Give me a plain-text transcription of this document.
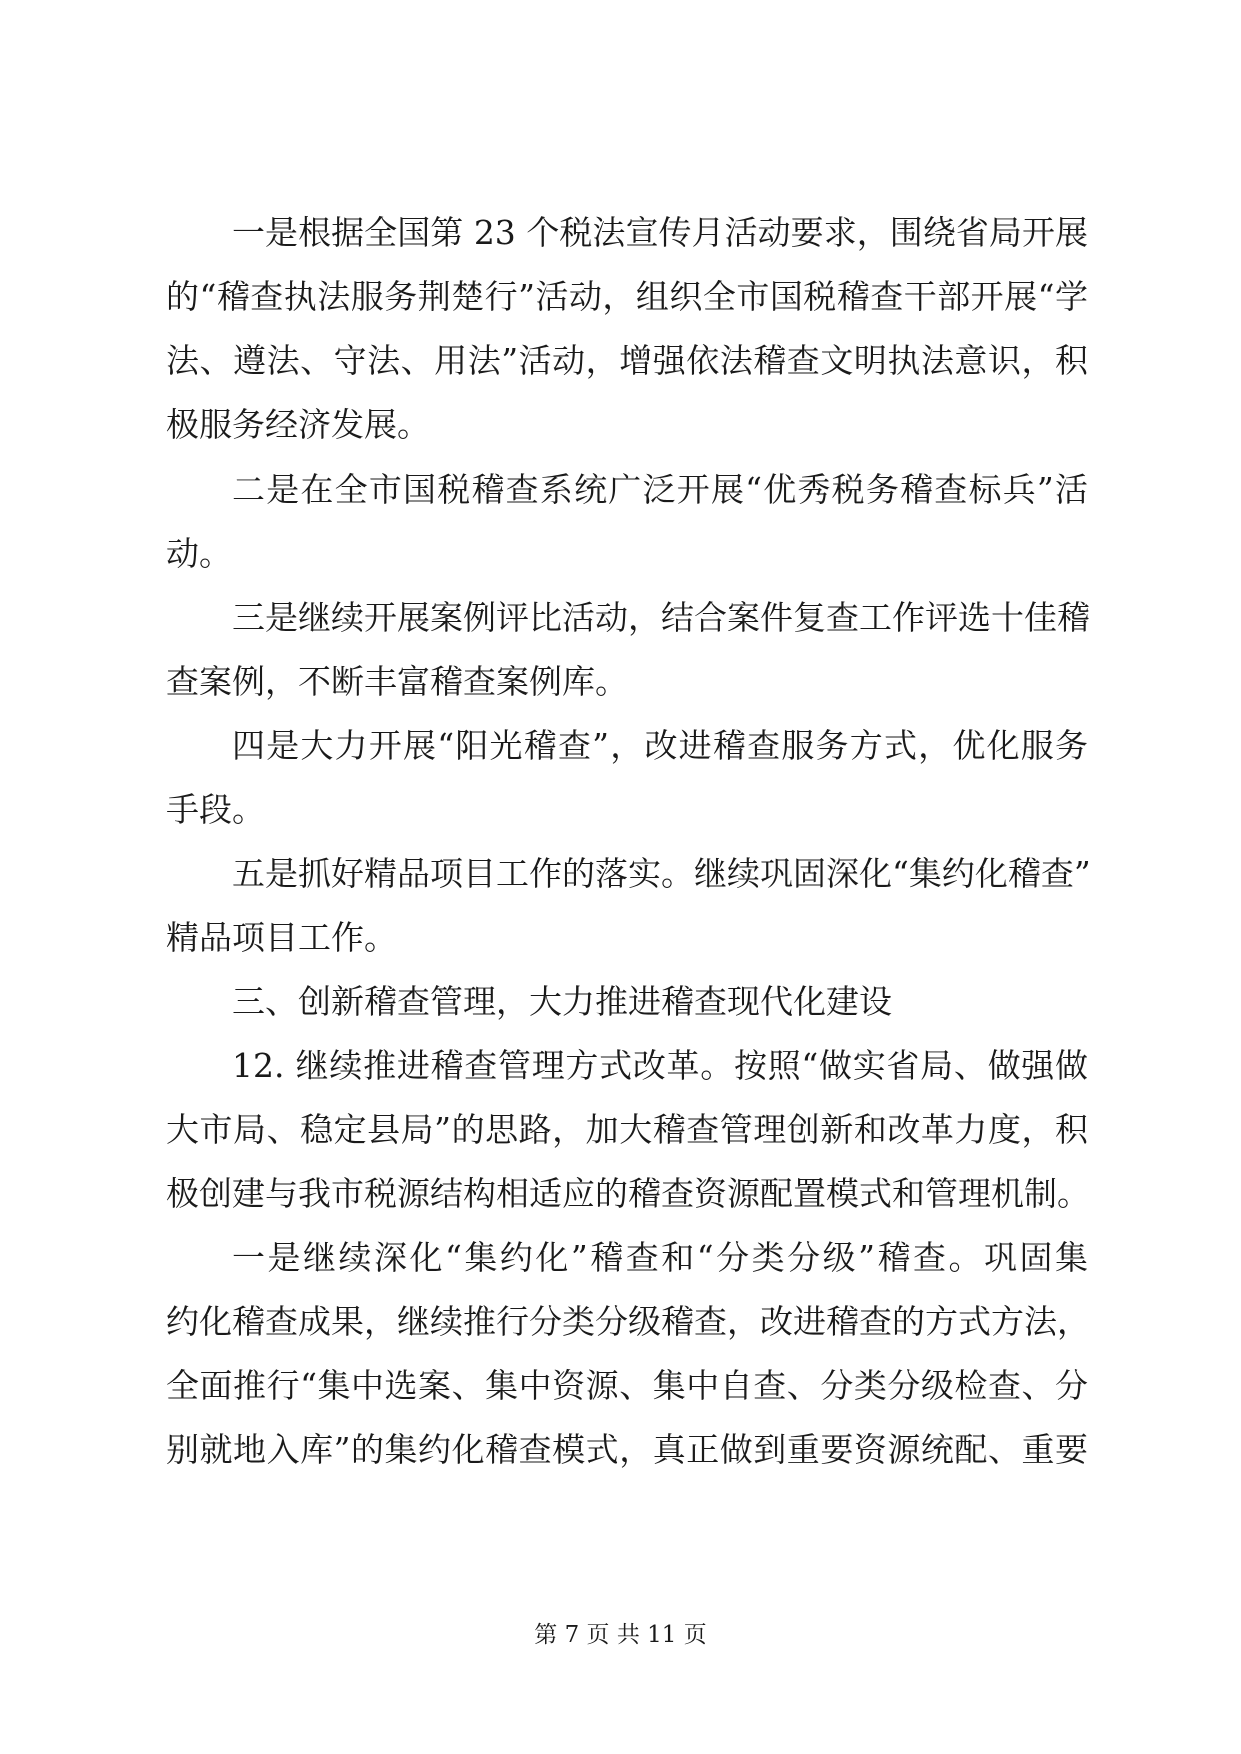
一是根据全国第 23 个税法宣传月活动要求，围绕省局开展
的“稽查执法服务荆楚行”活动，组织全市国税稽查干部开展“学
法、遵法、守法、用法”活动，增强依法稽查文明执法意识，积
极服务经济发展。
二是在全市国税稽查系统广泛开展“优秀税务稽查标兵”活
动。
三是继续开展案例评比活动，结合案件复查工作评选十佳稽
查案例，不断丰富稽查案例库。
四是大力开展“阳光稽查”，改进稽查服务方式，优化服务
手段。
五是抓好精品项目工作的落实。继续巩固深化“集约化稽查”
精品项目工作。
三、创新稽查管理，大力推进稽查现代化建设
12. 继续推进稽查管理方式改革。按照“做实省局、做强做
大市局、稳定县局”的思路，加大稽查管理创新和改革力度，积
极创建与我市税源结构相适应的稽查资源配置模式和管理机制。
一是继续深化“集约化”稽查和“分类分级”稽查。巩固集
约化稽查成果，继续推行分类分级稽查，改进稽查的方式方法，
全面推行“集中选案、集中资源、集中自查、分类分级检查、分
别就地入库”的集约化稽查模式，真正做到重要资源统配、重要
第 7 页 共 11 页
